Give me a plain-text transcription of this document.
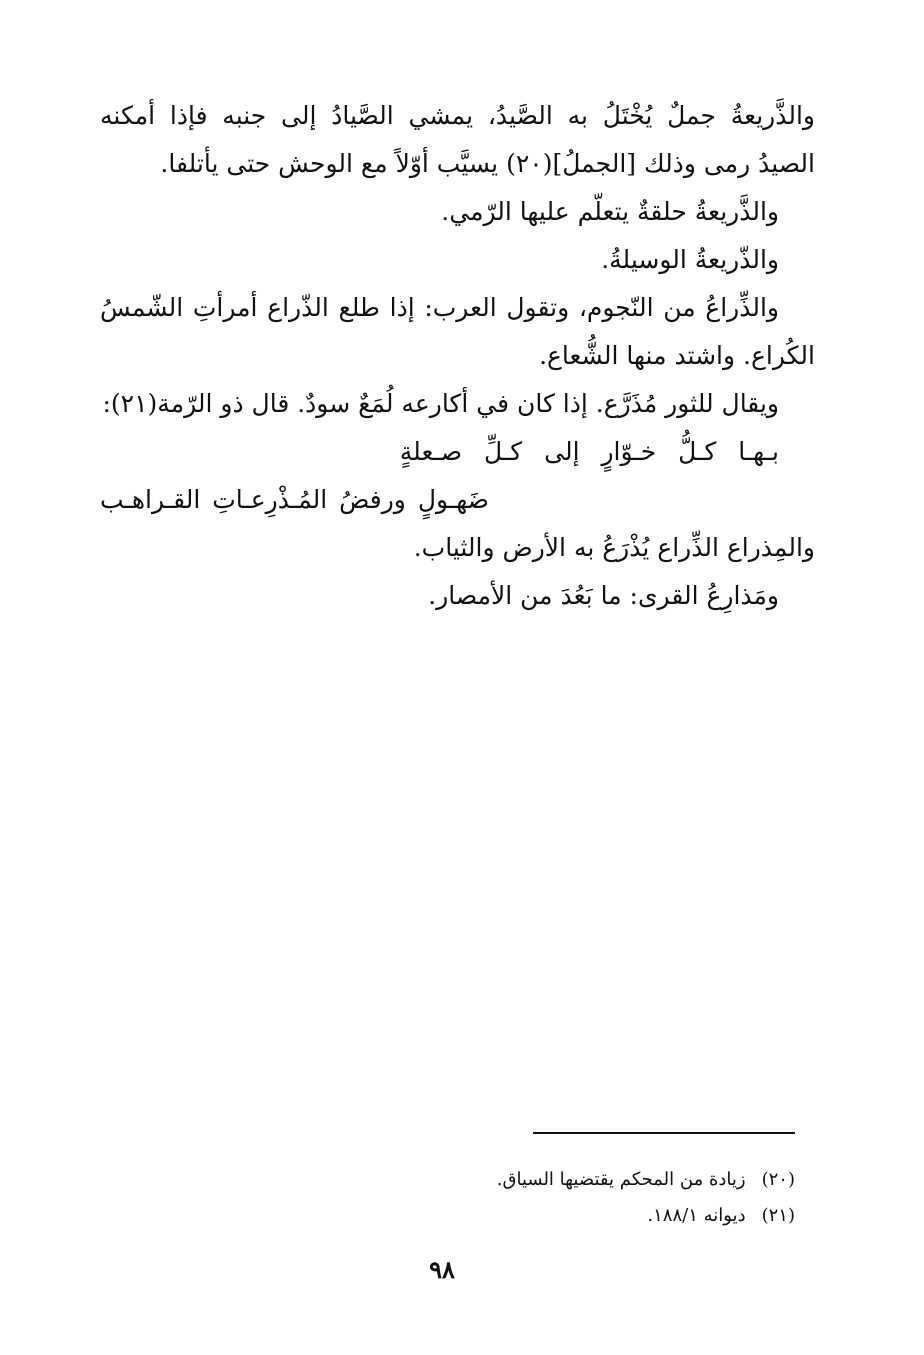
والذَّريعةُ جملٌ يُخْتَلُ به الصَّيدُ، يمشي الصَّيادُ إلى جنبه فإذا أمكنه
الصيدُ رمى وذلك [الجملُ](٢٠) يسيَّب أوّلاً مع الوحش حتى يأتلفا.
والذَّريعةُ حلقةٌ يتعلّم عليها الرّمي.
والذّريعةُ الوسيلةُ.
والذِّراعُ من النّجوم، وتقول العرب: إذا طلع الذّراع أمرأتِ الشّمسُ
الكُراع. واشتد منها الشُّعاع.
ويقال للثور مُذَرَّع. إذا كان في أكارعه لُمَعٌ سودٌ. قال ذو الرّمة(٢١):
بـهـا كـلُّ خـوّارٍ إلى كـلِّ صـعلةٍ
ضَهـولٍ ورفضُ المُـذْرِعـاتِ القـراهـب
والمِذراع الذِّراع يُذْرَعُ به الأرض والثياب.
ومَذارِعُ القرى: ما بَعُدَ من الأمصار.
(٢٠)زيادة من المحكم يقتضيها السياق.
(٢١)ديوانه ١٨٨/١.
٩٨
